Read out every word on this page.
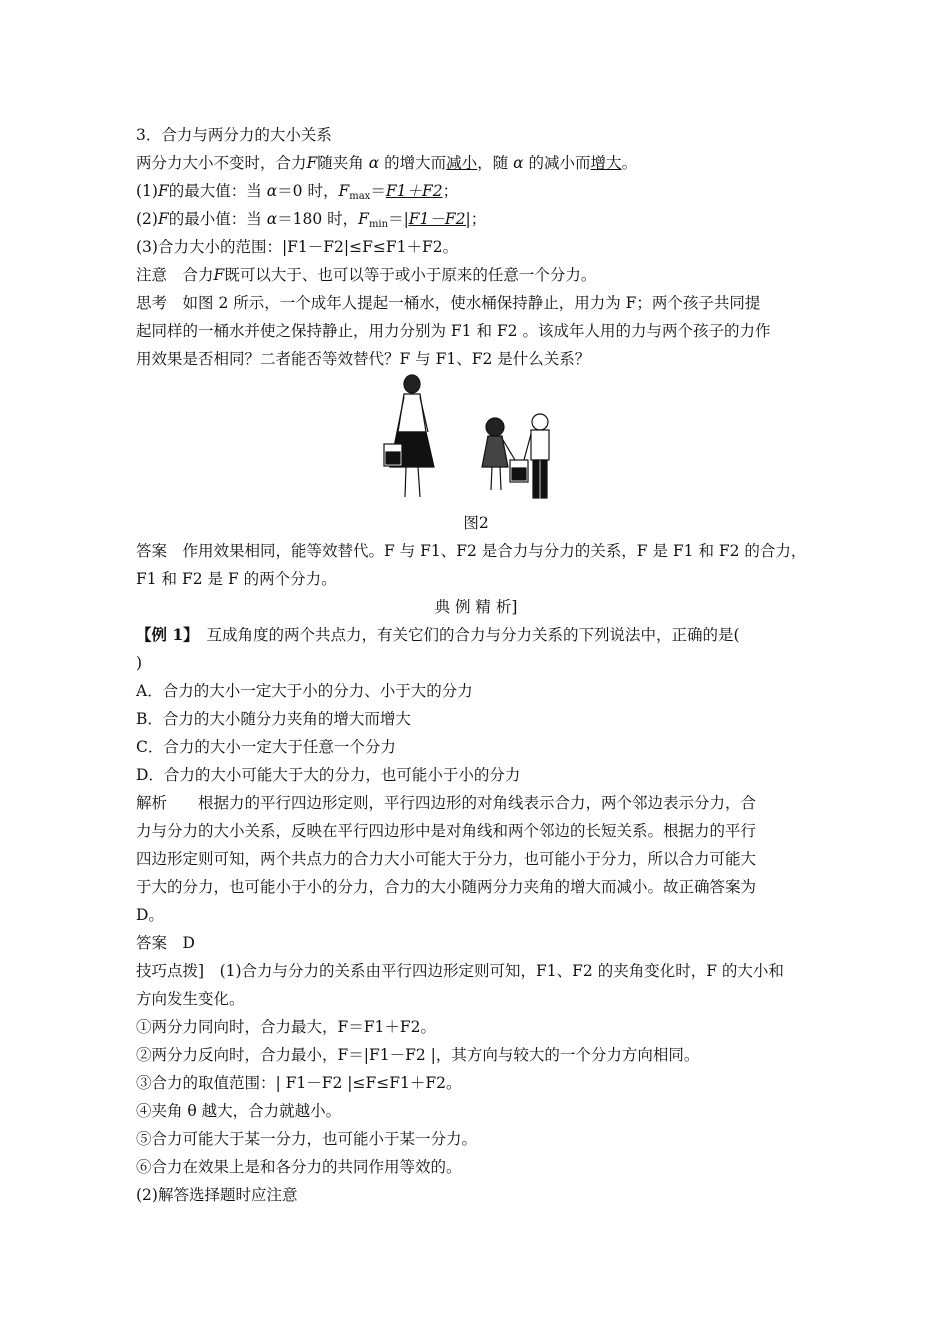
3．合力与两分力的大小关系
两分力大小不变时，合力F随夹角 α 的增大而减小，随 α 的减小而增大。
(1)F的最大值：当 α＝0 时，$F_{max}=F1+F2$；
(2)F的最小值：当 α＝180 时，$F_{min}=|F1-F2|$；
(3)合力大小的范围：|F1－F2|≤F≤F1＋F2。
注意　 合力F既可以大于、也可以等于或小于原来的任意一个分力。
思考　 如图 2 所示，一个成年人提起一桶水，使水桶保持静止，用力为 F；两个孩子共同提
起同样的一桶水并使之保持静止，用力分别为 F1 和 F2 。该成年人用的力与两个孩子的力作
用效果是否相同？二者能否等效替代？F 与 F1、F2 是什么关系？
图2
答案　 作用效果相同，能等效替代。F 与 F1、F2 是合力与分力的关系，F 是 F1 和 F2 的合力，
F1 和 F2 是 F 的两个分力。
典 例 精 析]
【例 1】　 互成角度的两个共点力，有关它们的合力与分力关系的下列说法中，正确的是(
)
A．合力的大小一定大于小的分力、小于大的分力
B．合力的大小随分力夹角的增大而增大
C．合力的大小一定大于任意一个分力
D．合力的大小可能大于大的分力，也可能小于小的分力
解析　　 根据力的平行四边形定则，平行四边形的对角线表示合力，两个邻边表示分力，合
力与分力的大小关系，反映在平行四边形中是对角线和两个邻边的长短关系。根据力的平行
四边形定则可知，两个共点力的合力大小可能大于分力，也可能小于分力，所以合力可能大
于大的分力，也可能小于小的分力，合力的大小随两分力夹角的增大而减小。故正确答案为
D。
答案　 D
技巧点拨]　 (1)合力与分力的关系由平行四边形定则可知，F1、F2 的夹角变化时，F 的大小和
方向发生变化。
①两分力同向时，合力最大，F＝F1＋F2。
②两分力反向时，合力最小，F＝|F1－F2 |，其方向与较大的一个分力方向相同。
③合力的取值范围：| F1－F2 |≤F≤F1＋F2。
④夹角 θ 越大，合力就越小。
⑤合力可能大于某一分力，也可能小于某一分力。
⑥合力在效果上是和各分力的共同作用等效的。
(2)解答选择题时应注意
